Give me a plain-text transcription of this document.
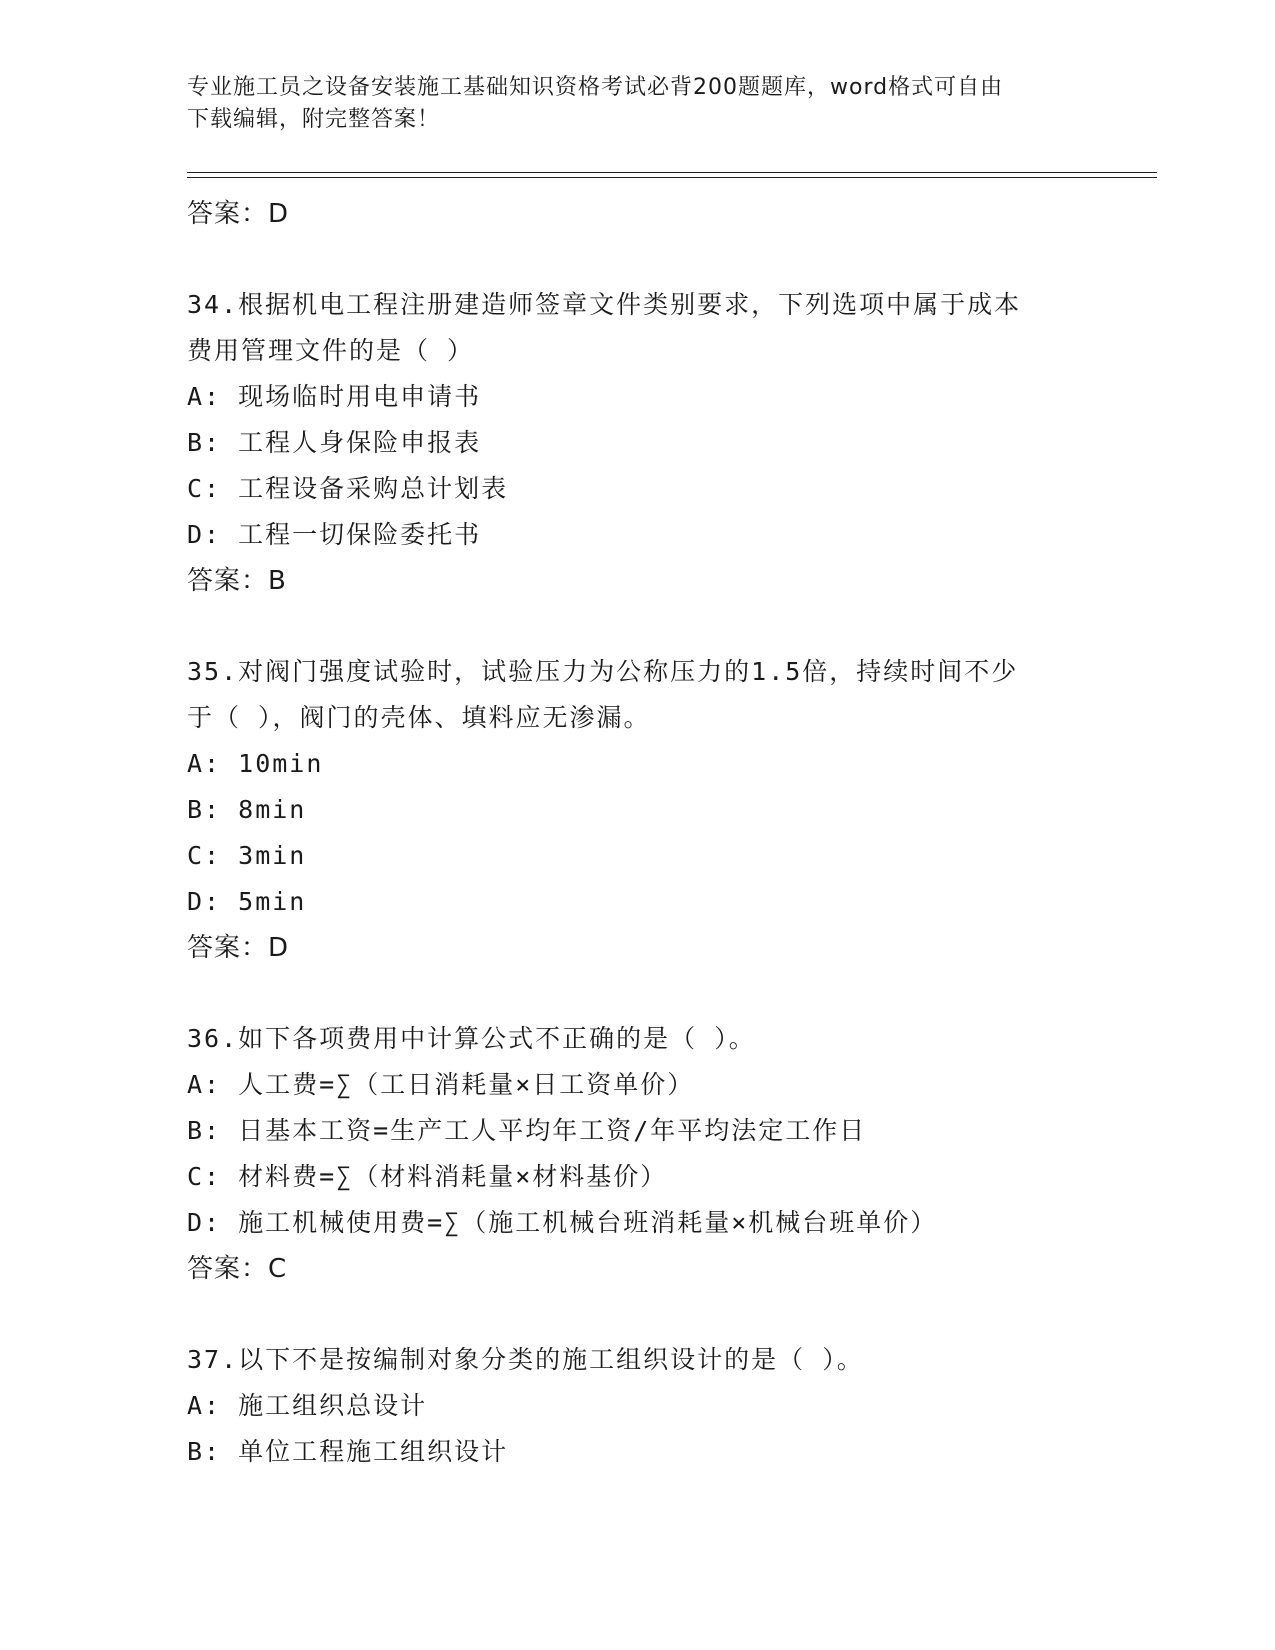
专业施工员之设备安装施工基础知识资格考试必背200题题库，word格式可自由
下载编辑，附完整答案！
答案：D
34.根据机电工程注册建造师签章文件类别要求，下列选项中属于成本
费用管理文件的是（ ）
A: 现场临时用电申请书
B: 工程人身保险申报表
C: 工程设备采购总计划表
D: 工程一切保险委托书
答案：B
35.对阀门强度试验时，试验压力为公称压力的1.5倍，持续时间不少
于（ ），阀门的壳体、填料应无渗漏。
A: 10min
B: 8min
C: 3min
D: 5min
答案：D
36.如下各项费用中计算公式不正确的是（ ）。
A: 人工费=∑（工日消耗量×日工资单价）
B: 日基本工资=生产工人平均年工资/年平均法定工作日
C: 材料费=∑（材料消耗量×材料基价）
D: 施工机械使用费=∑（施工机械台班消耗量×机械台班单价）
答案：C
37.以下不是按编制对象分类的施工组织设计的是（ ）。
A: 施工组织总设计
B: 单位工程施工组织设计
